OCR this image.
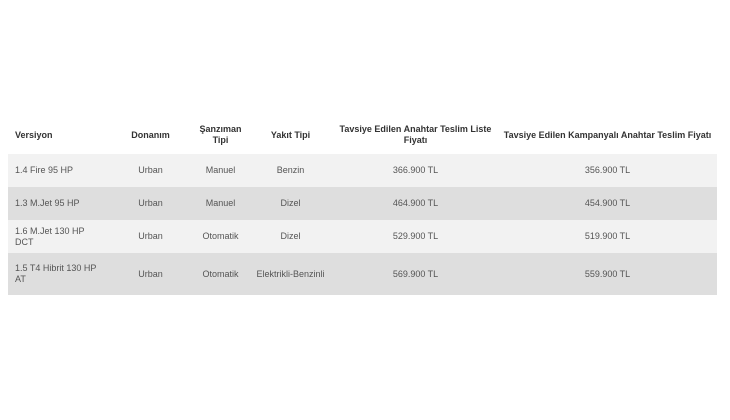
Versiyon	Donanım	Şanzıman Tipi	Yakıt Tipi	Tavsiye Edilen Anahtar Teslim Liste Fiyatı	Tavsiye Edilen Kampanyalı Anahtar Teslim Fiyatı
1.4 Fire 95 HP	Urban	Manuel	Benzin	366.900 TL	356.900 TL
1.3 M.Jet 95 HP	Urban	Manuel	Dizel	464.900 TL	454.900 TL
1.6 M.Jet 130 HP DCT	Urban	Otomatik	Dizel	529.900 TL	519.900 TL
1.5 T4 Hibrit 130 HP AT	Urban	Otomatik	Elektrikli-Benzinli	569.900 TL	559.900 TL
